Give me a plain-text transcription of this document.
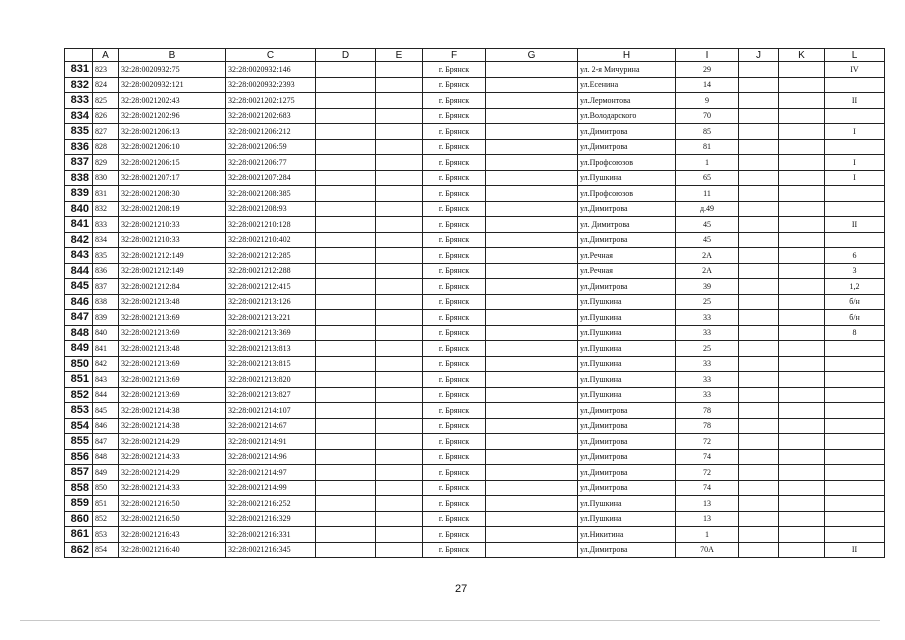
	A	B	C	D	E	F	G	H	I	J	K	L
831	823	32:28:0020932:75	32:28:0020932:146			г. Брянск		ул. 2-я Мичурина	29			IV
832	824	32:28:0020932:121	32:28:0020932:2393			г. Брянск		ул.Есенина	14			
833	825	32:28:0021202:43	32:28:0021202:1275			г. Брянск		ул.Лермонтова	9			II
834	826	32:28:0021202:96	32:28:0021202:683			г. Брянск		ул.Володарского	70			
835	827	32:28:0021206:13	32:28:0021206:212			г. Брянск		ул.Димитрова	85			I
836	828	32:28:0021206:10	32:28:0021206:59			г. Брянск		ул.Димитрова	81			
837	829	32:28:0021206:15	32:28:0021206:77			г. Брянск		ул.Профсоюзов	1			I
838	830	32:28:0021207:17	32:28:0021207:284			г. Брянск		ул.Пушкина	65			I
839	831	32:28:0021208:30	32:28:0021208:385			г. Брянск		ул.Профсоюзов	11			
840	832	32:28:0021208:19	32:28:0021208:93			г. Брянск		ул.Димитрова	д.49			
841	833	32:28:0021210:33	32:28:0021210:128			г. Брянск		ул. Димитрова	45			II
842	834	32:28:0021210:33	32:28:0021210:402			г. Брянск		ул.Димитрова	45			
843	835	32:28:0021212:149	32:28:0021212:285			г. Брянск		ул.Речная	2А			6
844	836	32:28:0021212:149	32:28:0021212:288			г. Брянск		ул.Речная	2А			3
845	837	32:28:0021212:84	32:28:0021212:415			г. Брянск		ул.Димитрова	39			1,2
846	838	32:28:0021213:48	32:28:0021213:126			г. Брянск		ул.Пушкина	25			б/н
847	839	32:28:0021213:69	32:28:0021213:221			г. Брянск		ул.Пушкина	33			б/н
848	840	32:28:0021213:69	32:28:0021213:369			г. Брянск		ул.Пушкина	33			8
849	841	32:28:0021213:48	32:28:0021213:813			г. Брянск		ул.Пушкина	25			
850	842	32:28:0021213:69	32:28:0021213:815			г. Брянск		ул.Пушкина	33			
851	843	32:28:0021213:69	32:28:0021213:820			г. Брянск		ул.Пушкина	33			
852	844	32:28:0021213:69	32:28:0021213:827			г. Брянск		ул.Пушкина	33			
853	845	32:28:0021214:38	32:28:0021214:107			г. Брянск		ул.Димитрова	78			
854	846	32:28:0021214:38	32:28:0021214:67			г. Брянск		ул.Димитрова	78			
855	847	32:28:0021214:29	32:28:0021214:91			г. Брянск		ул.Димитрова	72			
856	848	32:28:0021214:33	32:28:0021214:96			г. Брянск		ул.Димитрова	74			
857	849	32:28:0021214:29	32:28:0021214:97			г. Брянск		ул.Димитрова	72			
858	850	32:28:0021214:33	32:28:0021214:99			г. Брянск		ул.Димитрова	74			
859	851	32:28:0021216:50	32:28:0021216:252			г. Брянск		ул.Пушкина	13			
860	852	32:28:0021216:50	32:28:0021216:329			г. Брянск		ул.Пушкина	13			
861	853	32:28:0021216:43	32:28:0021216:331			г. Брянск		ул.Никитина	1			
862	854	32:28:0021216:40	32:28:0021216:345			г. Брянск		ул.Димитрова	70А			II
27
